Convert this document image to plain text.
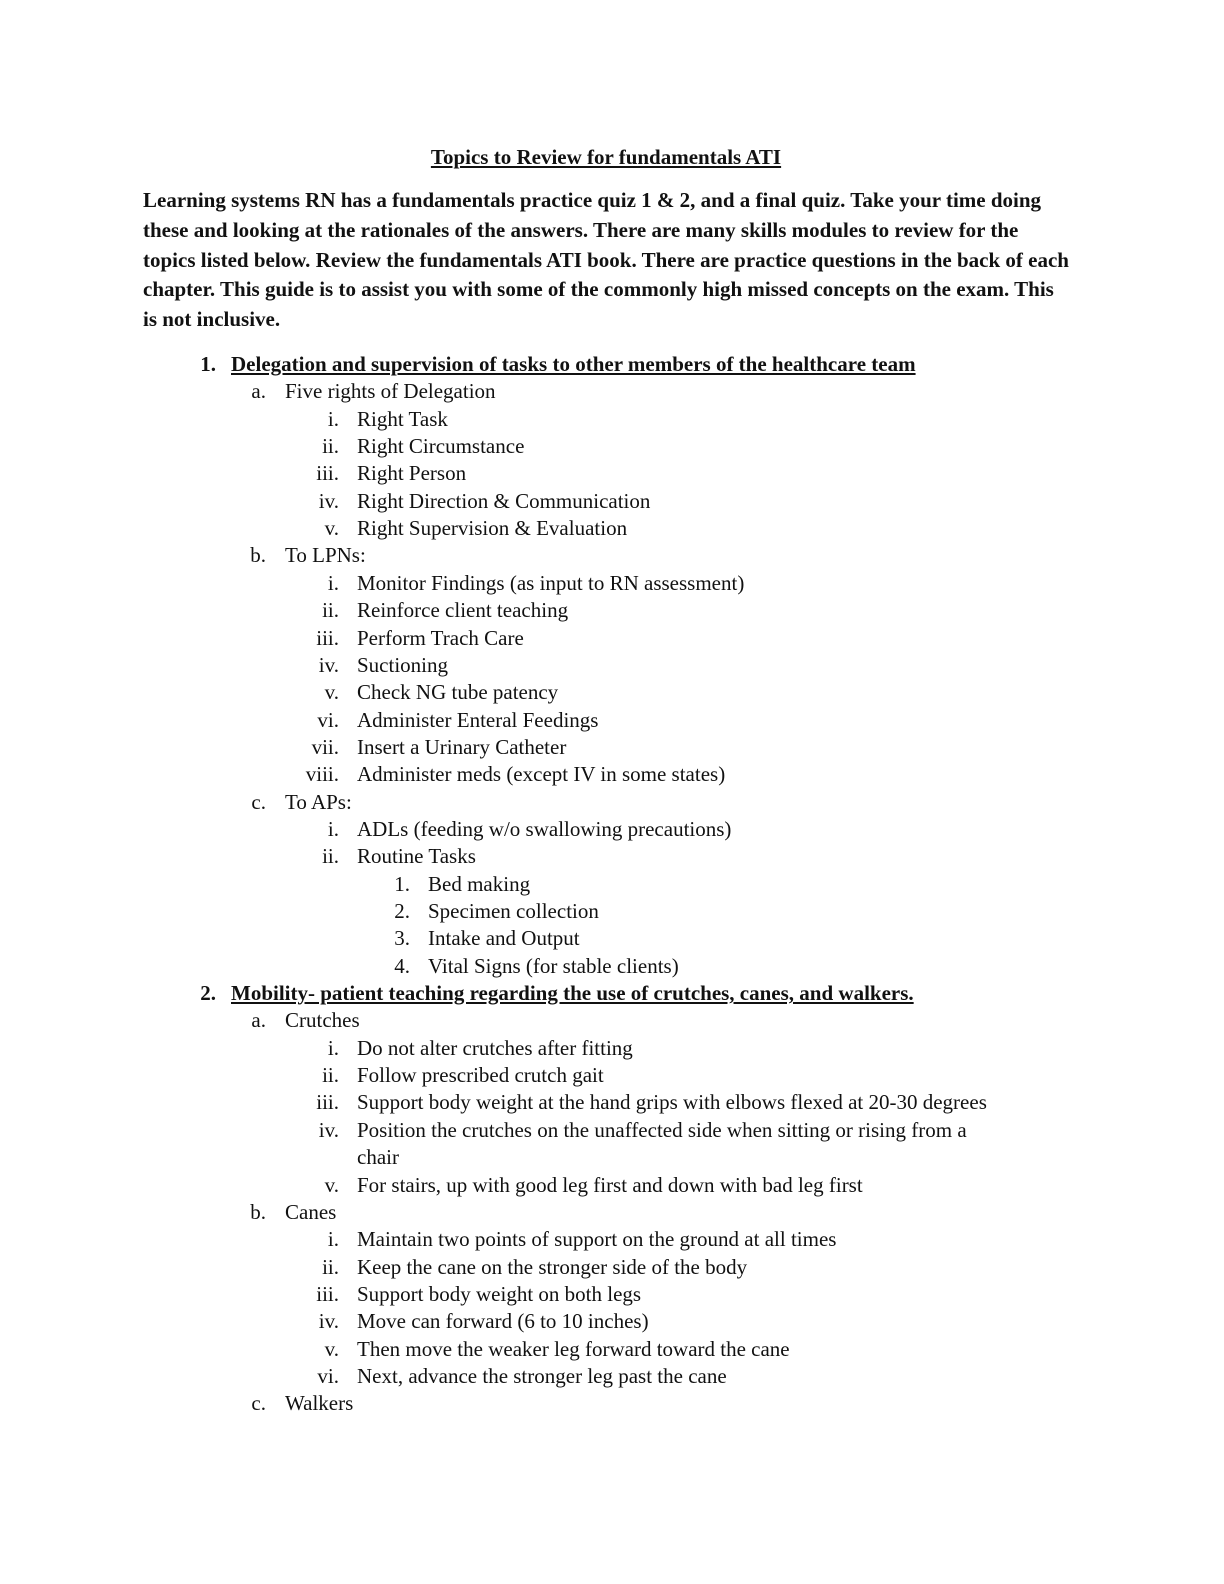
Topics to Review for fundamentals ATI
Learning systems RN has a fundamentals practice quiz 1 & 2, and a final quiz. Take your time doing these and looking at the rationales of the answers. There are many skills modules to review for the topics listed below. Review the fundamentals ATI book. There are practice questions in the back of each chapter. This guide is to assist you with some of the commonly high missed concepts on the exam. This is not inclusive.
1. Delegation and supervision of tasks to other members of the healthcare team
a. Five rights of Delegation
i. Right Task
ii. Right Circumstance
iii. Right Person
iv. Right Direction & Communication
v. Right Supervision & Evaluation
b. To LPNs:
i. Monitor Findings (as input to RN assessment)
ii. Reinforce client teaching
iii. Perform Trach Care
iv. Suctioning
v. Check NG tube patency
vi. Administer Enteral Feedings
vii. Insert a Urinary Catheter
viii. Administer meds (except IV in some states)
c. To APs:
i. ADLs (feeding w/o swallowing precautions)
ii. Routine Tasks
1. Bed making
2. Specimen collection
3. Intake and Output
4. Vital Signs (for stable clients)
2. Mobility- patient teaching regarding the use of crutches, canes, and walkers.
a. Crutches
i. Do not alter crutches after fitting
ii. Follow prescribed crutch gait
iii. Support body weight at the hand grips with elbows flexed at 20-30 degrees
iv. Position the crutches on the unaffected side when sitting or rising from a
chair
v. For stairs, up with good leg first and down with bad leg first
b. Canes
i. Maintain two points of support on the ground at all times
ii. Keep the cane on the stronger side of the body
iii. Support body weight on both legs
iv. Move can forward (6 to 10 inches)
v. Then move the weaker leg forward toward the cane
vi. Next, advance the stronger leg past the cane
c. Walkers
